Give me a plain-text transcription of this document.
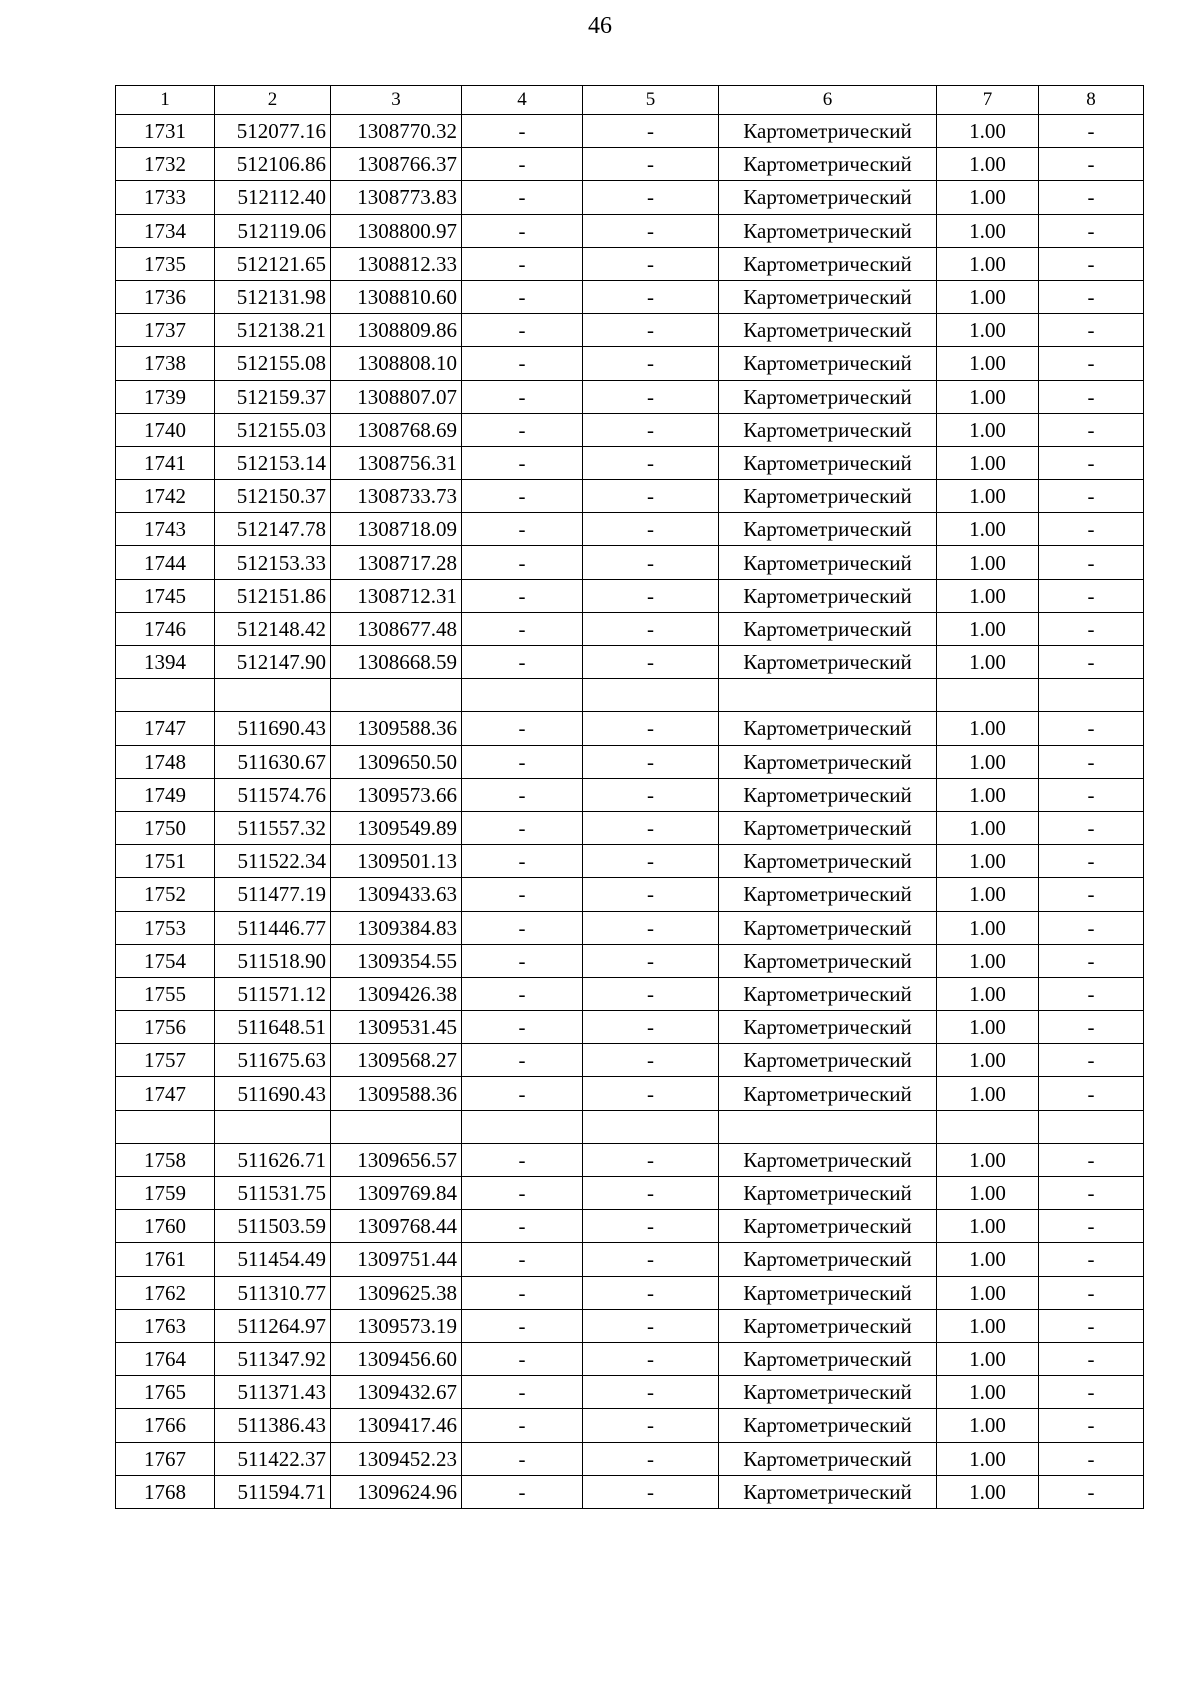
46
1	2	3	4	5	6	7	8
1731	512077.16	1308770.32	-	-	Картометрический	1.00	-
1732	512106.86	1308766.37	-	-	Картометрический	1.00	-
1733	512112.40	1308773.83	-	-	Картометрический	1.00	-
1734	512119.06	1308800.97	-	-	Картометрический	1.00	-
1735	512121.65	1308812.33	-	-	Картометрический	1.00	-
1736	512131.98	1308810.60	-	-	Картометрический	1.00	-
1737	512138.21	1308809.86	-	-	Картометрический	1.00	-
1738	512155.08	1308808.10	-	-	Картометрический	1.00	-
1739	512159.37	1308807.07	-	-	Картометрический	1.00	-
1740	512155.03	1308768.69	-	-	Картометрический	1.00	-
1741	512153.14	1308756.31	-	-	Картометрический	1.00	-
1742	512150.37	1308733.73	-	-	Картометрический	1.00	-
1743	512147.78	1308718.09	-	-	Картометрический	1.00	-
1744	512153.33	1308717.28	-	-	Картометрический	1.00	-
1745	512151.86	1308712.31	-	-	Картометрический	1.00	-
1746	512148.42	1308677.48	-	-	Картометрический	1.00	-
1394	512147.90	1308668.59	-	-	Картометрический	1.00	-

1747	511690.43	1309588.36	-	-	Картометрический	1.00	-
1748	511630.67	1309650.50	-	-	Картометрический	1.00	-
1749	511574.76	1309573.66	-	-	Картометрический	1.00	-
1750	511557.32	1309549.89	-	-	Картометрический	1.00	-
1751	511522.34	1309501.13	-	-	Картометрический	1.00	-
1752	511477.19	1309433.63	-	-	Картометрический	1.00	-
1753	511446.77	1309384.83	-	-	Картометрический	1.00	-
1754	511518.90	1309354.55	-	-	Картометрический	1.00	-
1755	511571.12	1309426.38	-	-	Картометрический	1.00	-
1756	511648.51	1309531.45	-	-	Картометрический	1.00	-
1757	511675.63	1309568.27	-	-	Картометрический	1.00	-
1747	511690.43	1309588.36	-	-	Картометрический	1.00	-

1758	511626.71	1309656.57	-	-	Картометрический	1.00	-
1759	511531.75	1309769.84	-	-	Картометрический	1.00	-
1760	511503.59	1309768.44	-	-	Картометрический	1.00	-
1761	511454.49	1309751.44	-	-	Картометрический	1.00	-
1762	511310.77	1309625.38	-	-	Картометрический	1.00	-
1763	511264.97	1309573.19	-	-	Картометрический	1.00	-
1764	511347.92	1309456.60	-	-	Картометрический	1.00	-
1765	511371.43	1309432.67	-	-	Картометрический	1.00	-
1766	511386.43	1309417.46	-	-	Картометрический	1.00	-
1767	511422.37	1309452.23	-	-	Картометрический	1.00	-
1768	511594.71	1309624.96	-	-	Картометрический	1.00	-
